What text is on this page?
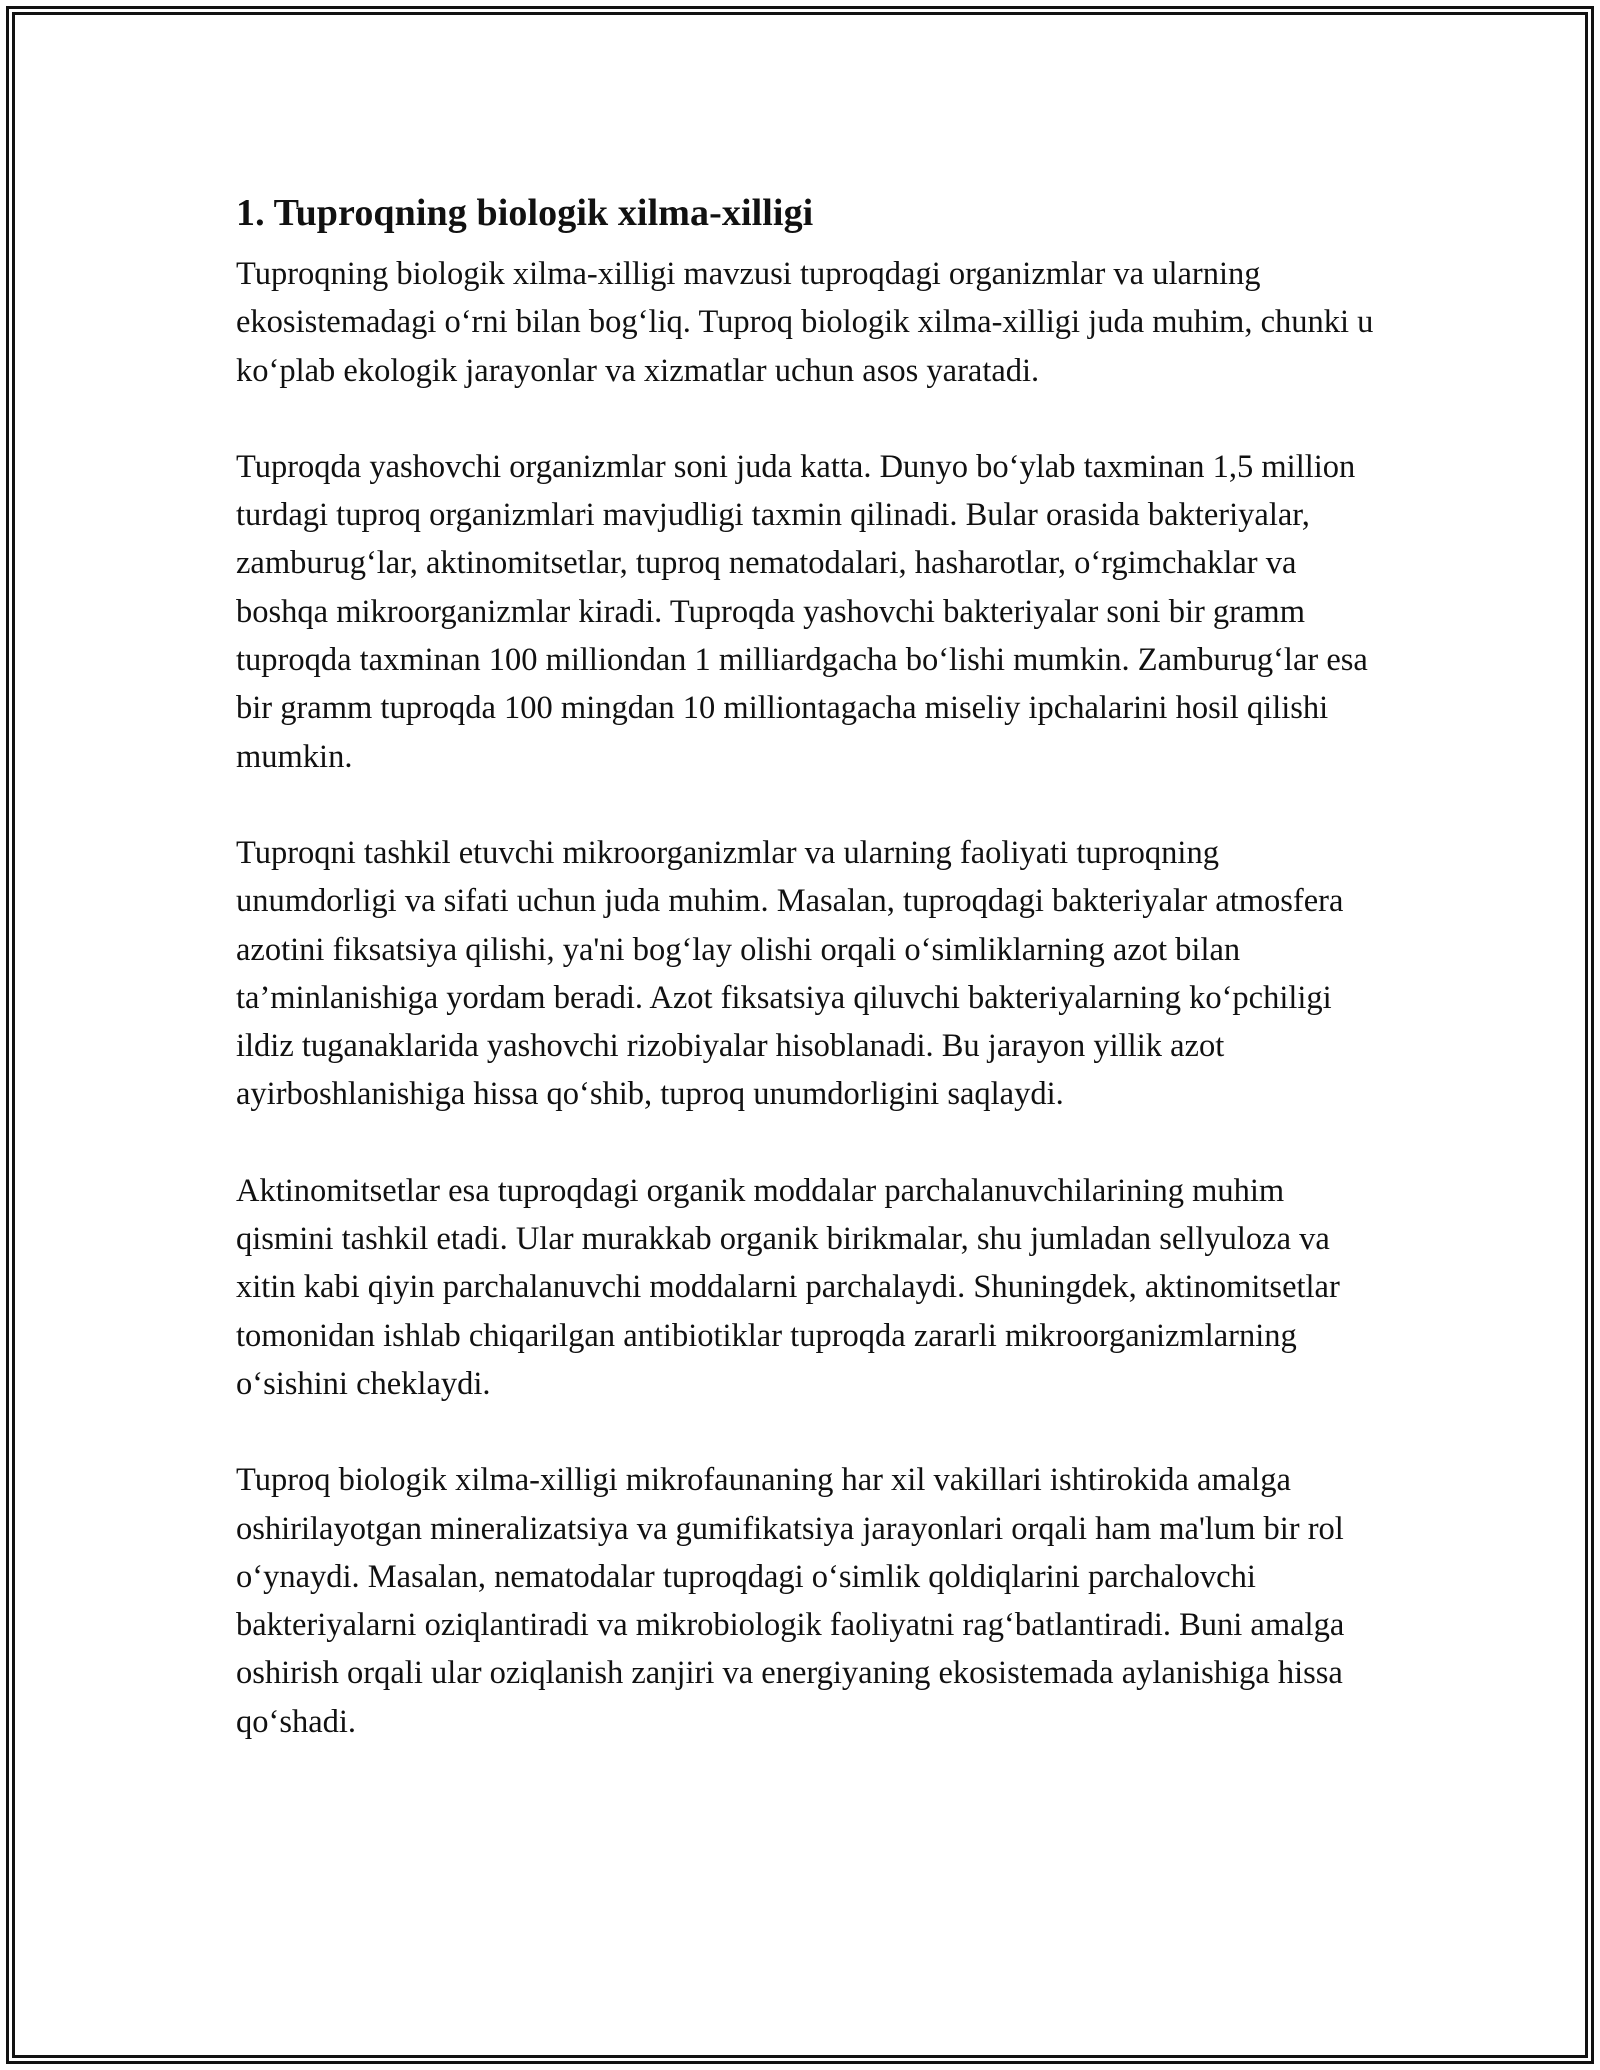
1. Tuproqning biologik xilma-xilligi

Tuproqning biologik xilma-xilligi mavzusi tuproqdagi organizmlar va ularning ekosistemadagi o‘rni bilan bog‘liq. Tuproq biologik xilma-xilligi juda muhim, chunki u ko‘plab ekologik jarayonlar va xizmatlar uchun asos yaratadi.

Tuproqda yashovchi organizmlar soni juda katta. Dunyo bo‘ylab taxminan 1,5 million turdagi tuproq organizmlari mavjudligi taxmin qilinadi. Bular orasida bakteriyalar, zamburug‘lar, aktinomitsetlar, tuproq nematodalari, hasharotlar, o‘rgimchaklar va boshqa mikroorganizmlar kiradi. Tuproqda yashovchi bakteriyalar soni bir gramm tuproqda taxminan 100 milliondan 1 milliardgacha bo‘lishi mumkin. Zamburug‘lar esa bir gramm tuproqda 100 mingdan 10 milliontagacha miseliy ipchalarini hosil qilishi mumkin.

Tuproqni tashkil etuvchi mikroorganizmlar va ularning faoliyati tuproqning unumdorligi va sifati uchun juda muhim. Masalan, tuproqdagi bakteriyalar atmosfera azotini fiksatsiya qilishi, ya'ni bog‘lay olishi orqali o‘simliklarning azot bilan ta’minlanishiga yordam beradi. Azot fiksatsiya qiluvchi bakteriyalarning ko‘pchiligi ildiz tuganaklarida yashovchi rizobiyalar hisoblanadi. Bu jarayon yillik azot ayirboshlanishiga hissa qo‘shib, tuproq unumdorligini saqlaydi.

Aktinomitsetlar esa tuproqdagi organik moddalar parchalanuvchilarining muhim qismini tashkil etadi. Ular murakkab organik birikmalar, shu jumladan sellyuloza va xitin kabi qiyin parchalanuvchi moddalarni parchalaydi. Shuningdek, aktinomitsetlar tomonidan ishlab chiqarilgan antibiotiklar tuproqda zararli mikroorganizmlarning o‘sishini cheklaydi.

Tuproq biologik xilma-xilligi mikrofaunaning har xil vakillari ishtirokida amalga oshirilayotgan mineralizatsiya va gumifikatsiya jarayonlari orqali ham ma'lum bir rol o‘ynaydi. Masalan, nematodalar tuproqdagi o‘simlik qoldiqlarini parchalovchi bakteriyalarni oziqlantiradi va mikrobiologik faoliyatni rag‘batlantiradi. Buni amalga oshirish orqali ular oziqlanish zanjiri va energiyaning ekosistemada aylanishiga hissa qo‘shadi.
